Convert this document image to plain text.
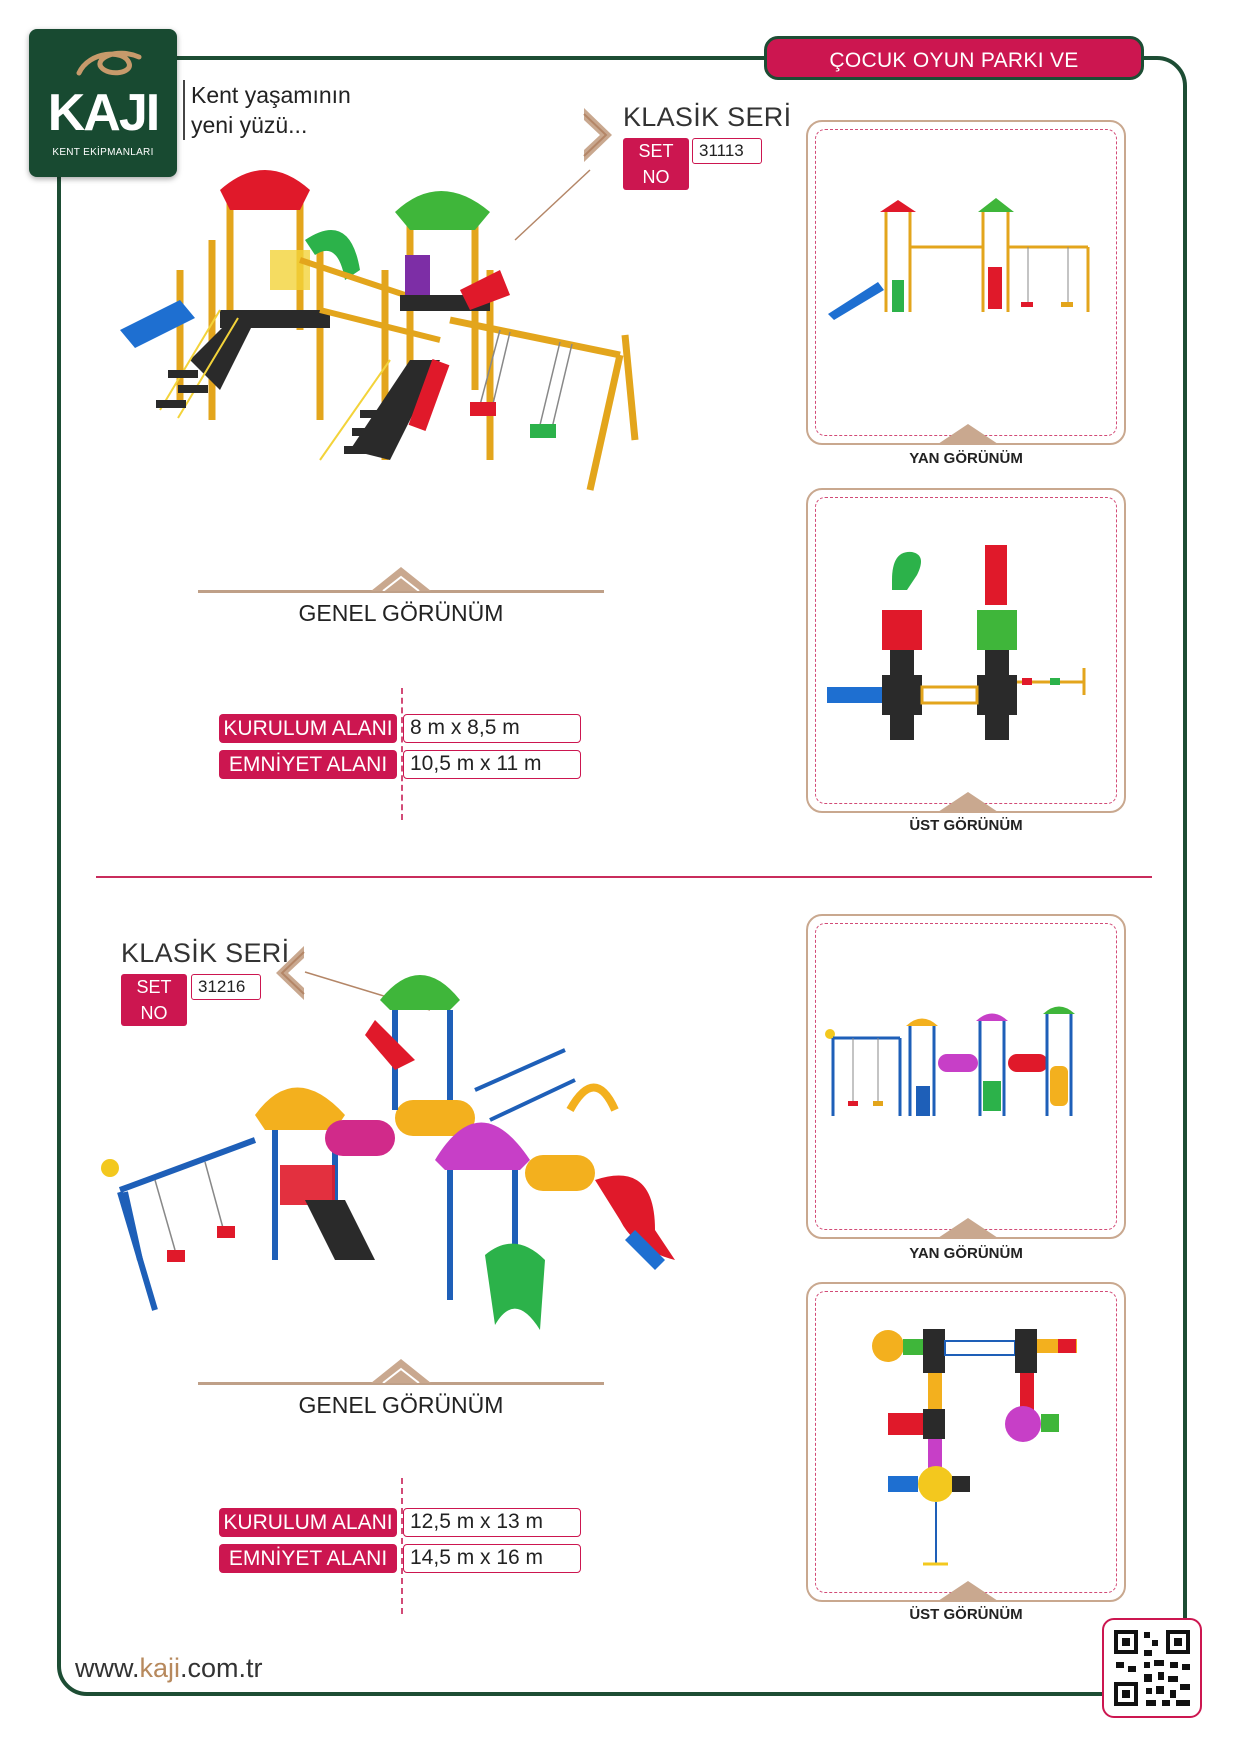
KAJI
KENT EKİPMANLARI
Kent yaşamının
yeni yüzü...
ÇOCUK OYUN PARKI VE EKİPMANLARI
KLASİK SERİ
SET NO
31113
GENEL GÖRÜNÜM
KURULUM ALANI 8 m x 8,5 m
EMNİYET ALANI	10,5 m x 11 m
YAN GÖRÜNÜM
ÜST GÖRÜNÜM
KLASİK SERİ
SET NO
31216
GENEL GÖRÜNÜM
KURULUM ALANI 12,5 m x 13 m
EMNİYET ALANI	14,5 m x 16 m
YAN GÖRÜNÜM
ÜST GÖRÜNÜM
www.kaji.com.tr
